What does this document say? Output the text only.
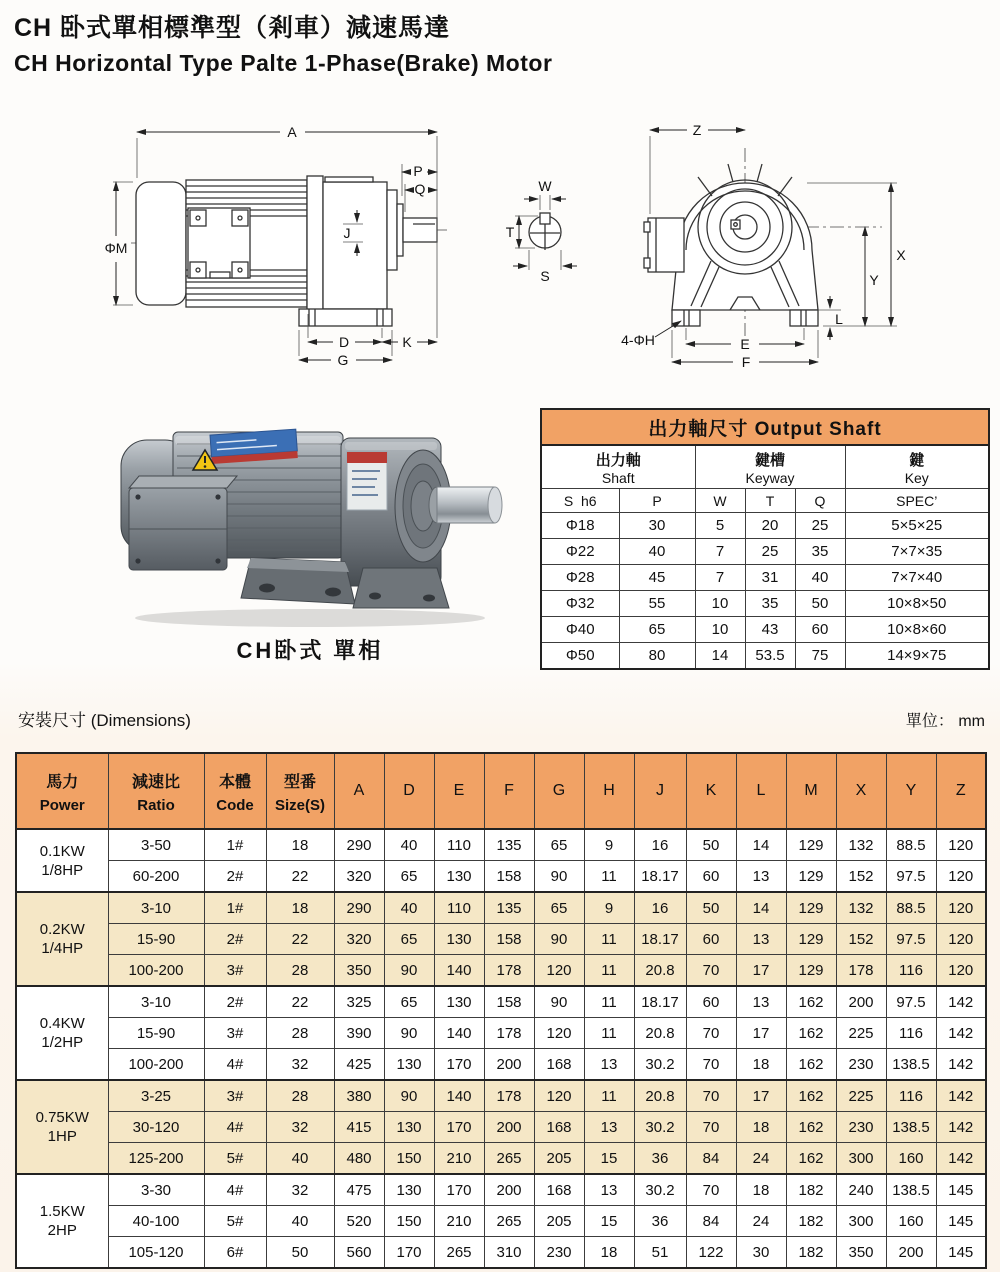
CH 卧式單相標準型（剎車）減速馬達
CH Horizontal Type Palte 1-Phase(Brake) Motor
A
ΦM
P
Q
J
D	K
G
W
T
S
Z
X
Y
L
E
F
4-ΦH
CH卧式 單相
出力軸尺寸 Output Shaft					

出力軸
Shaft

鍵槽
Keyway

鍵
Key

S  h6	P	W	T	Q	SPEC’
Φ18	30	5	20	25	5×5×25
Φ22	40	7	25	35	7×7×35
Φ28	45	7	31	40	7×7×40
Φ32	55	10	35	50	10×8×50
Φ40	65	10	43	60	10×8×60
Φ50	80	14	53.5	75	14×9×75
安裝尺寸 (Dimensions)	單位： mm
馬力
Power

減速比
Ratio

本體
Code

型番
Size(S)
	A	D	E	F	G	H	J	K	L	M	X	Y	Z

0.1KW
1/8HP	3-50	1#	18	290	40	110	135	65	9	16	50	14	129	132	88.5	120
	60-200	2#	22	320	65	130	158	90	11	18.17	60	13	129	152	97.5	120

0.2KW
1/4HP	3-10	1#	18	290	40	110	135	65	9	16	50	14	129	132	88.5	120
	15-90	2#	22	320	65	130	158	90	11	18.17	60	13	129	152	97.5	120
	100-200	3#	28	350	90	140	178	120	11	20.8	70	17	129	178	116	120

0.4KW
1/2HP	3-10	2#	22	325	65	130	158	90	11	18.17	60	13	162	200	97.5	142
	15-90	3#	28	390	90	140	178	120	11	20.8	70	17	162	225	116	142
	100-200	4#	32	425	130	170	200	168	13	30.2	70	18	162	230	138.5	142

0.75KW
1HP	3-25	3#	28	380	90	140	178	120	11	20.8	70	17	162	225	116	142
	30-120	4#	32	415	130	170	200	168	13	30.2	70	18	162	230	138.5	142
	125-200	5#	40	480	150	210	265	205	15	36	84	24	162	300	160	142

1.5KW
2HP	3-30	4#	32	475	130	170	200	168	13	30.2	70	18	182	240	138.5	145
	40-100	5#	40	520	150	210	265	205	15	36	84	24	182	300	160	145
	105-120	6#	50	560	170	265	310	230	18	51	122	30	182	350	200	145
